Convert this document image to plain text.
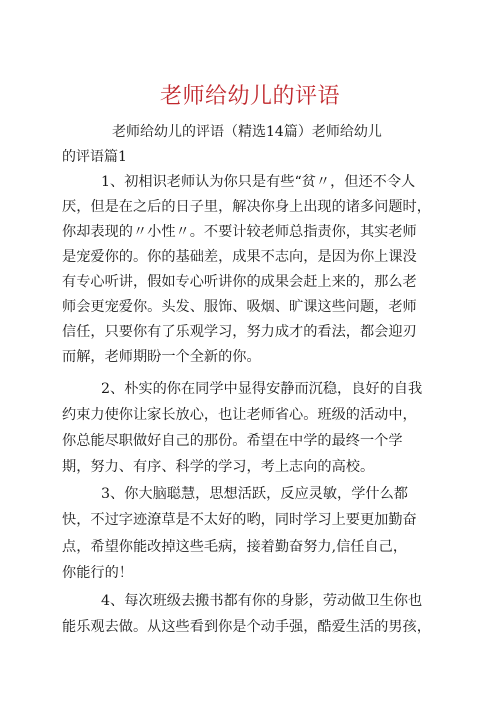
老师给幼儿的评语
老师给幼儿的评语（精选14篇）老师给幼儿
的评语篇1
1、初相识老师认为你只是有些“贫〃，但还不令人
厌，但是在之后的日子里，解决你身上出现的诸多问题时，
你却表现的〃小性〃。不要计较老师总指责你，其实老师
是宠爱你的。你的基础差，成果不志向，是因为你上课没
有专心听讲，假如专心听讲你的成果会赶上来的，那么老
师会更宠爱你。头发、服饰、吸烟、旷课这些问题，老师
信任，只要你有了乐观学习，努力成才的看法，都会迎刃
而解，老师期盼一个全新的你。
2、朴实的你在同学中显得安静而沉稳，良好的自我
约束力使你让家长放心，也让老师省心。班级的活动中，
你总能尽职做好自己的那份。希望在中学的最终一个学
期，努力、有序、科学的学习，考上志向的高校。
3、你大脑聪慧，思想活跃，反应灵敏，学什么都
快，不过字迹潦草是不太好的哟，同时学习上要更加勤奋
点，希望你能改掉这些毛病，接着勤奋努力,信任自己，
你能行的！
4、每次班级去搬书都有你的身影，劳动做卫生你也
能乐观去做。从这些看到你是个动手强，酷爱生活的男孩，
